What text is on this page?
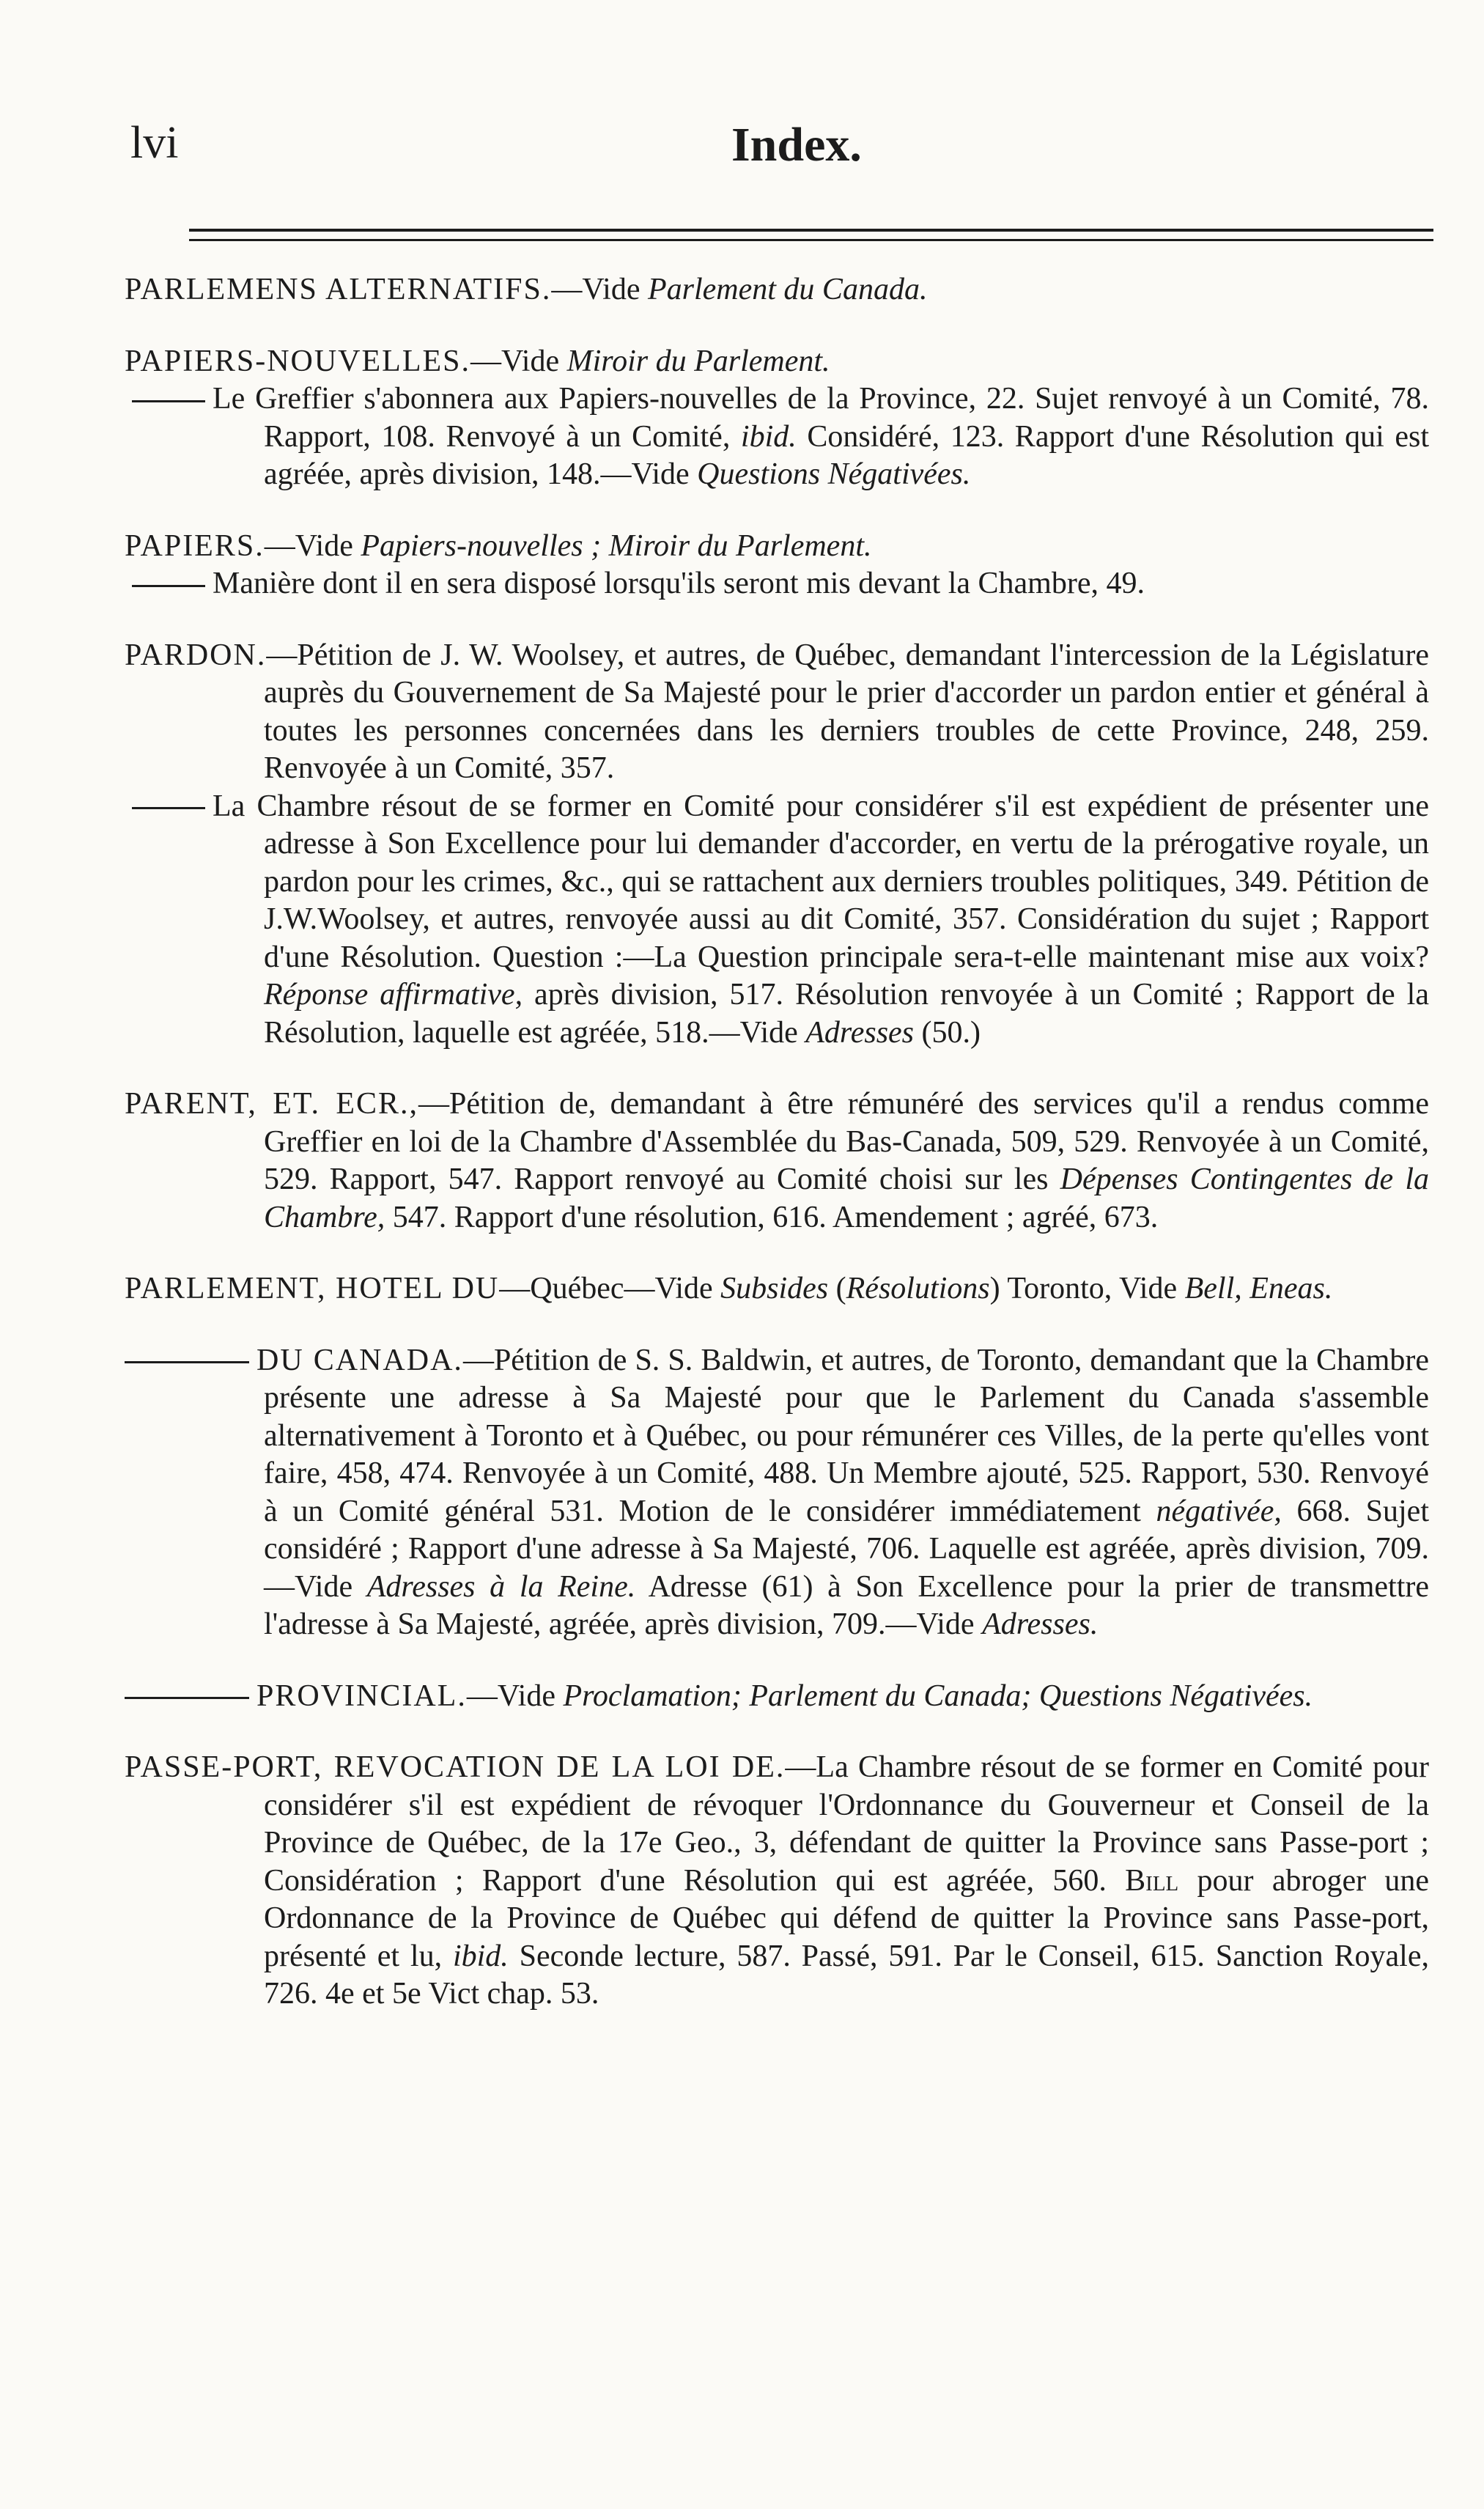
lvi	Index.

PARLEMENS ALTERNATIFS.—Vide Parlement du Canada.

PAPIERS-NOUVELLES.—Vide Miroir du Parlement.

Le Greffier s'abonnera aux Papiers-nouvelles de la Province, 22. Sujet renvoyé à un Comité, 78. Rapport, 108. Renvoyé à un Comité, ibid. Considéré, 123. Rapport d'une Résolution qui est agréée, après division, 148.—Vide Questions Négativées.

PAPIERS.—Vide Papiers-nouvelles ; Miroir du Parlement.

Manière dont il en sera disposé lorsqu'ils seront mis devant la Chambre, 49.

PARDON.—Pétition de J. W. Woolsey, et autres, de Québec, demandant l'intercession de la Législature auprès du Gouvernement de Sa Majesté pour le prier d'accorder un pardon entier et général à toutes les personnes concernées dans les derniers troubles de cette Province, 248, 259. Renvoyée à un Comité, 357.

La Chambre résout de se former en Comité pour considérer s'il est expédient de présenter une adresse à Son Excellence pour lui demander d'accorder, en vertu de la prérogative royale, un pardon pour les crimes, &c., qui se rattachent aux derniers troubles politiques, 349. Pétition de J.W.Woolsey, et autres, renvoyée aussi au dit Comité, 357. Considération du sujet ; Rapport d'une Résolution. Question :—La Question principale sera-t-elle maintenant mise aux voix? Réponse affirmative, après division, 517. Résolution renvoyée à un Comité ; Rapport de la Résolution, laquelle est agréée, 518.—Vide Adresses (50.)

PARENT, ET. ECR.,—Pétition de, demandant à être rémunéré des services qu'il a rendus comme Greffier en loi de la Chambre d'Assemblée du Bas-Canada, 509, 529. Renvoyée à un Comité, 529. Rapport, 547. Rapport renvoyé au Comité choisi sur les Dépenses Contingentes de la Chambre, 547. Rapport d'une résolution, 616. Amendement ; agréé, 673.

PARLEMENT, HOTEL DU—Québec—Vide Subsides (Résolutions) Toronto, Vide Bell, Eneas.

DU CANADA.—Pétition de S. S. Baldwin, et autres, de Toronto, demandant que la Chambre présente une adresse à Sa Majesté pour que le Parlement du Canada s'assemble alternativement à Toronto et à Québec, ou pour rémunérer ces Villes, de la perte qu'elles vont faire, 458, 474. Renvoyée à un Comité, 488. Un Membre ajouté, 525. Rapport, 530. Renvoyé à un Comité général 531. Motion de le considérer immédiatement négativée, 668. Sujet considéré ; Rapport d'une adresse à Sa Majesté, 706. Laquelle est agréée, après division, 709.—Vide Adresses à la Reine. Adresse (61) à Son Excellence pour la prier de transmettre l'adresse à Sa Majesté, agréée, après division, 709.—Vide Adresses.

PROVINCIAL.—Vide Proclamation; Parlement du Canada; Questions Négativées.

PASSE-PORT, REVOCATION DE LA LOI DE.—La Chambre résout de se former en Comité pour considérer s'il est expédient de révoquer l'Ordonnance du Gouverneur et Conseil de la Province de Québec, de la 17e Geo., 3, défendant de quitter la Province sans Passe-port ; Considération ; Rapport d'une Résolution qui est agréée, 560. Bill pour abroger une Ordonnance de la Province de Québec qui défend de quitter la Province sans Passe-port, présenté et lu, ibid. Seconde lecture, 587. Passé, 591. Par le Conseil, 615. Sanction Royale, 726. 4e et 5e Vict chap. 53.
